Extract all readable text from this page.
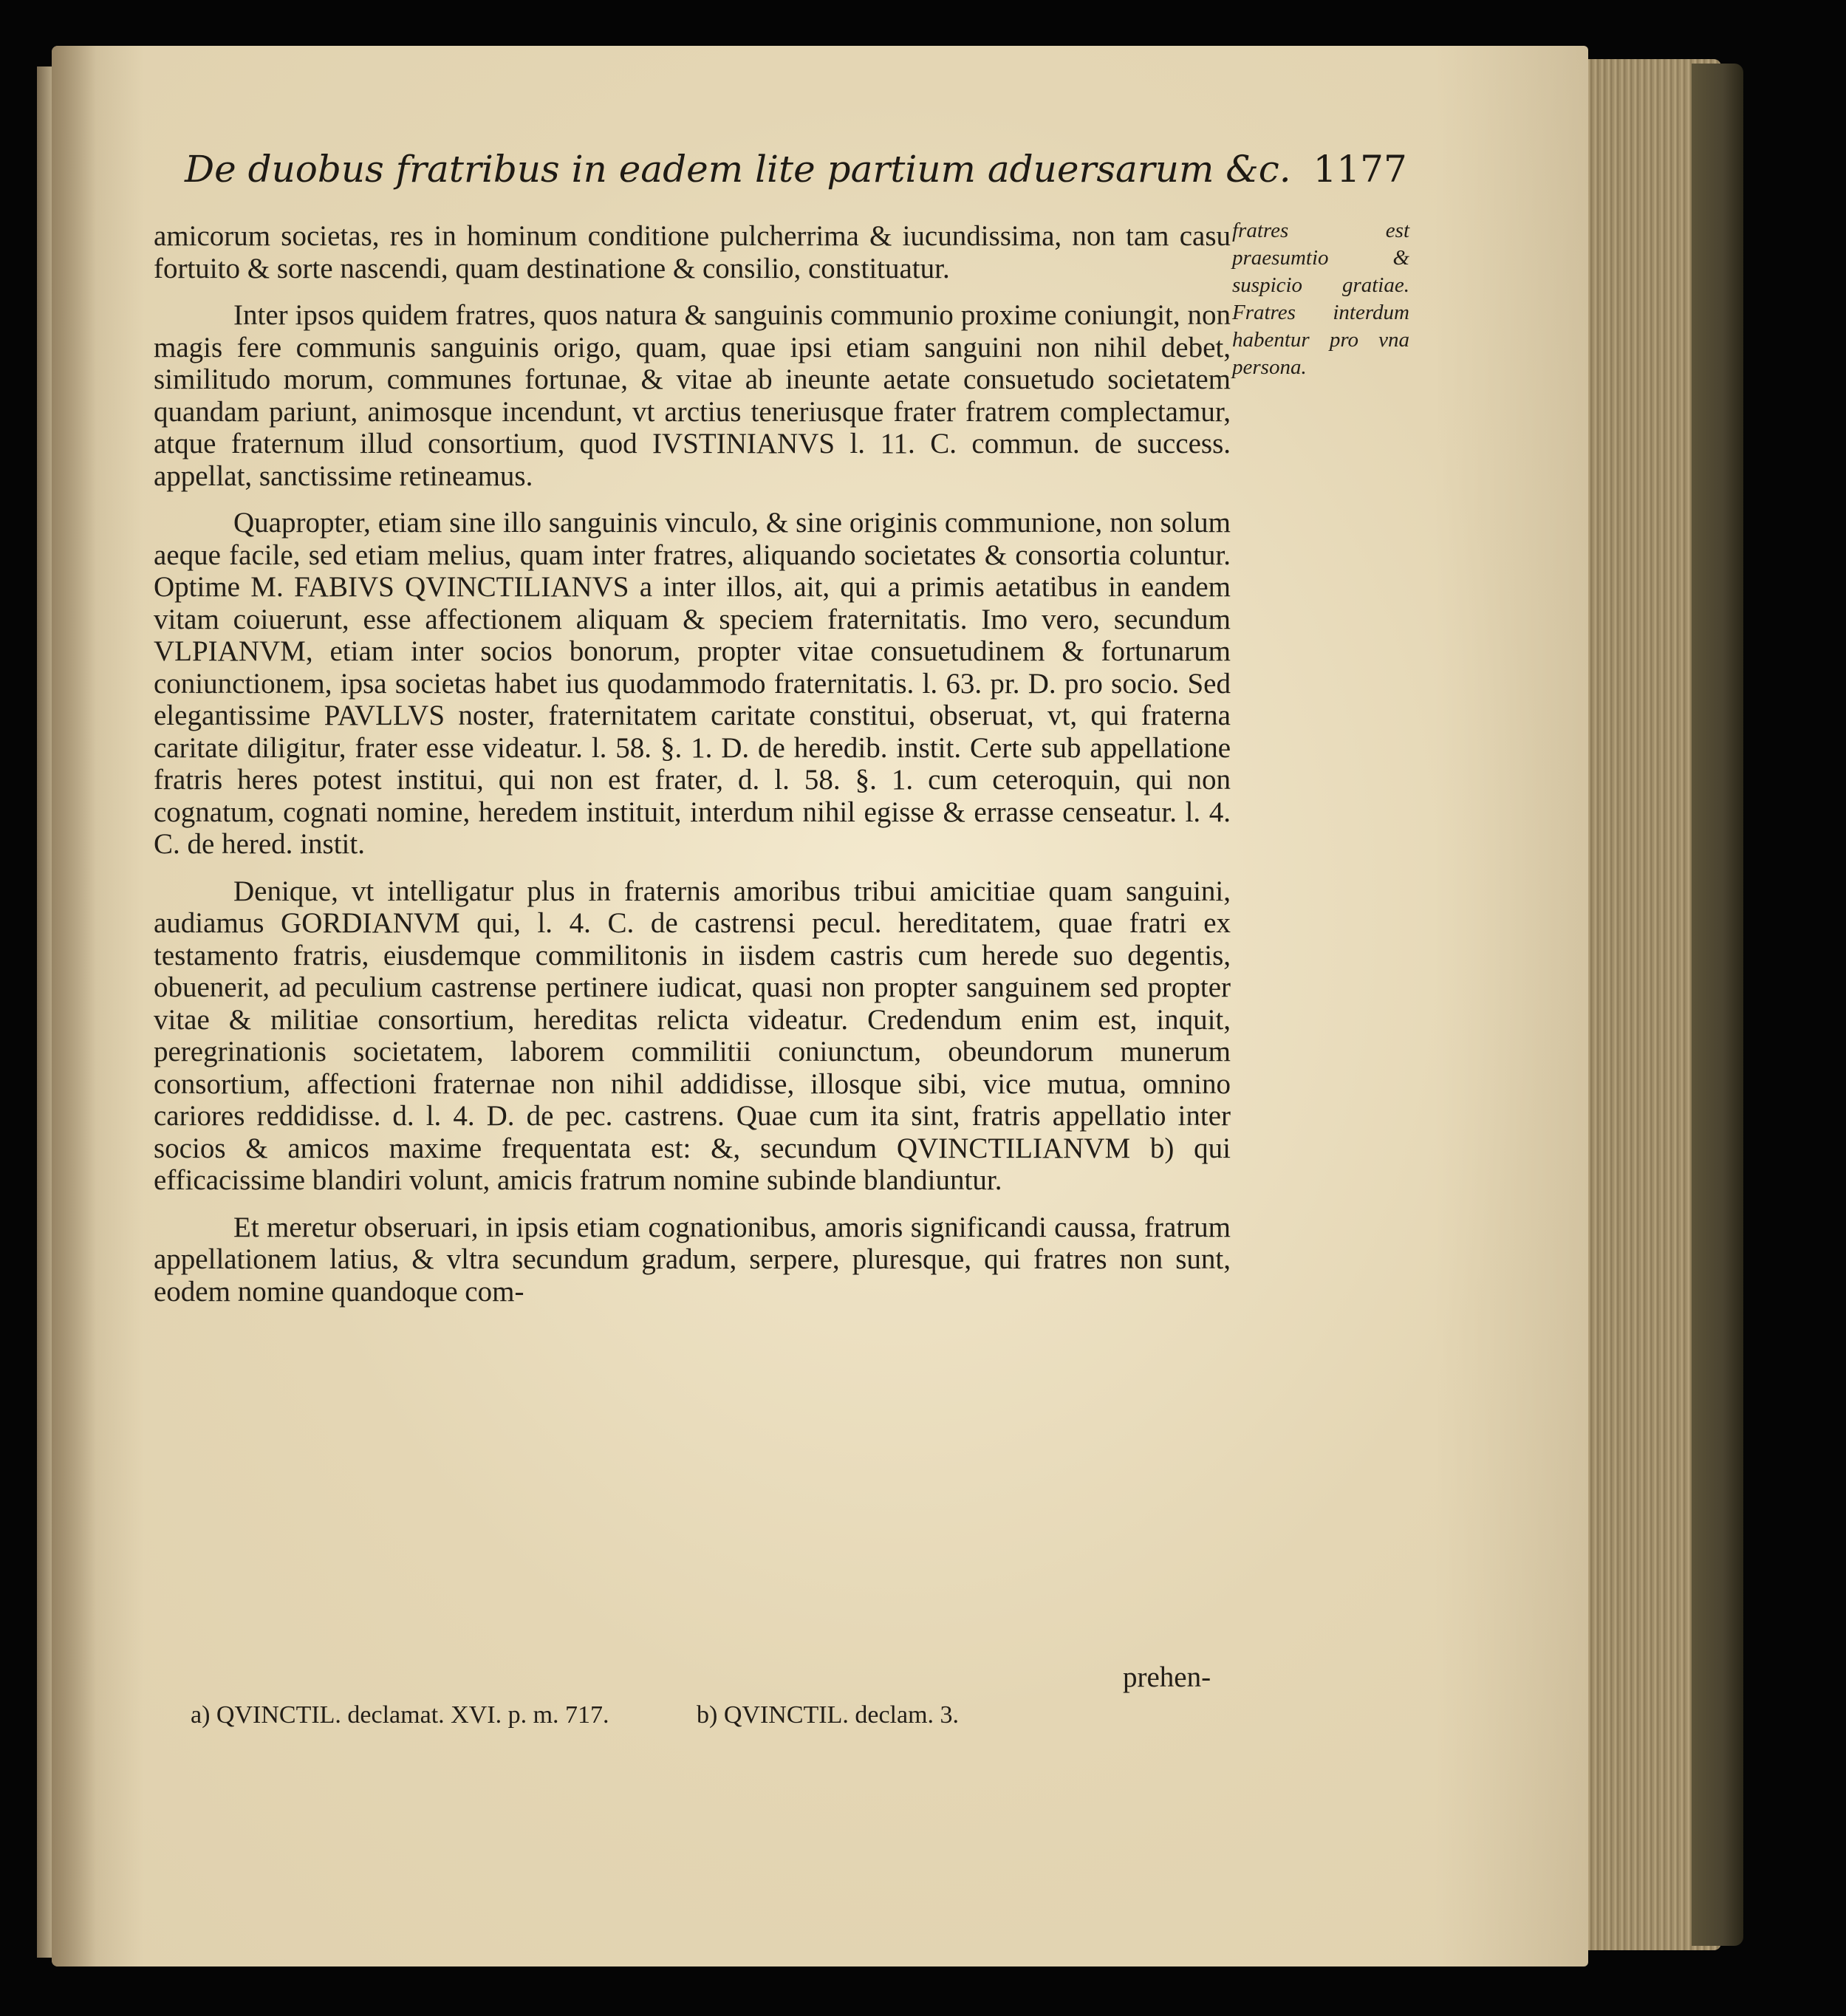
De duobus fratribus in eadem lite partium aduersarum &c. 1177

amicorum societas, res in hominum conditione pulcherrima & iucundissima, non tam casu fortuito & sorte nascendi, quam destinatione & consilio, constituatur.

Inter ipsos quidem fratres, quos natura & sanguinis communio proxime coniungit, non magis fere communis sanguinis origo, quam, quae ipsi etiam sanguini non nihil debet, similitudo morum, communes fortunae, & vitae ab ineunte aetate consuetudo societatem quandam pariunt, animosque incendunt, vt arctius teneriusque frater fratrem complectamur, atque fraternum illud consortium, quod IVSTINIANVS l. 11. C. commun. de success. appellat, sanctissime retineamus.

Quapropter, etiam sine illo sanguinis vinculo, & sine originis communione, non solum aeque facile, sed etiam melius, quam inter fratres, aliquando societates & consortia coluntur. Optime M. FABIVS QVINCTILIANVS a inter illos, ait, qui a primis aetatibus in eandem vitam coiuerunt, esse affectionem aliquam & speciem fraternitatis. Imo vero, secundum VLPIANVM, etiam inter socios bonorum, propter vitae consuetudinem & fortunarum coniunctionem, ipsa societas habet ius quodammodo fraternitatis. l. 63. pr. D. pro socio. Sed elegantissime PAVLLVS noster, fraternitatem caritate constitui, obseruat, vt, qui fraterna caritate diligitur, frater esse videatur. l. 58. §. 1. D. de heredib. instit. Certe sub appellatione fratris heres potest institui, qui non est frater, d. l. 58. §. 1. cum ceteroquin, qui non cognatum, cognati nomine, heredem instituit, interdum nihil egisse & errasse censeatur. l. 4. C. de hered. instit.

Denique, vt intelligatur plus in fraternis amoribus tribui amicitiae quam sanguini, audiamus GORDIANVM qui, l. 4. C. de castrensi pecul. hereditatem, quae fratri ex testamento fratris, eiusdemque commilitonis in iisdem castris cum herede suo degentis, obuenerit, ad peculium castrense pertinere iudicat, quasi non propter sanguinem sed propter vitae & militiae consortium, hereditas relicta videatur. Credendum enim est, inquit, peregrinationis societatem, laborem commilitii coniunctum, obeundorum munerum consortium, affectioni fraternae non nihil addidisse, illosque sibi, vice mutua, omnino cariores reddidisse. d. l. 4. D. de pec. castrens. Quae cum ita sint, fratris appellatio inter socios & amicos maxime frequentata est: &, secundum QVINCTILIANVM b) qui efficacissime blandiri volunt, amicis fratrum nomine subinde blandiuntur.

Et meretur obseruari, in ipsis etiam cognationibus, amoris significandi caussa, fratrum appellationem latius, & vltra secundum gradum, serpere, pluresque, qui fratres non sunt, eodem nomine quandoque com-

fratres est praesumtio & suspicio gratiae. Fratres interdum habentur pro vna persona.
prehen-
a) QVINCTIL. declamat. XVI. p. m. 717.	b) QVINCTIL. declam. 3.
